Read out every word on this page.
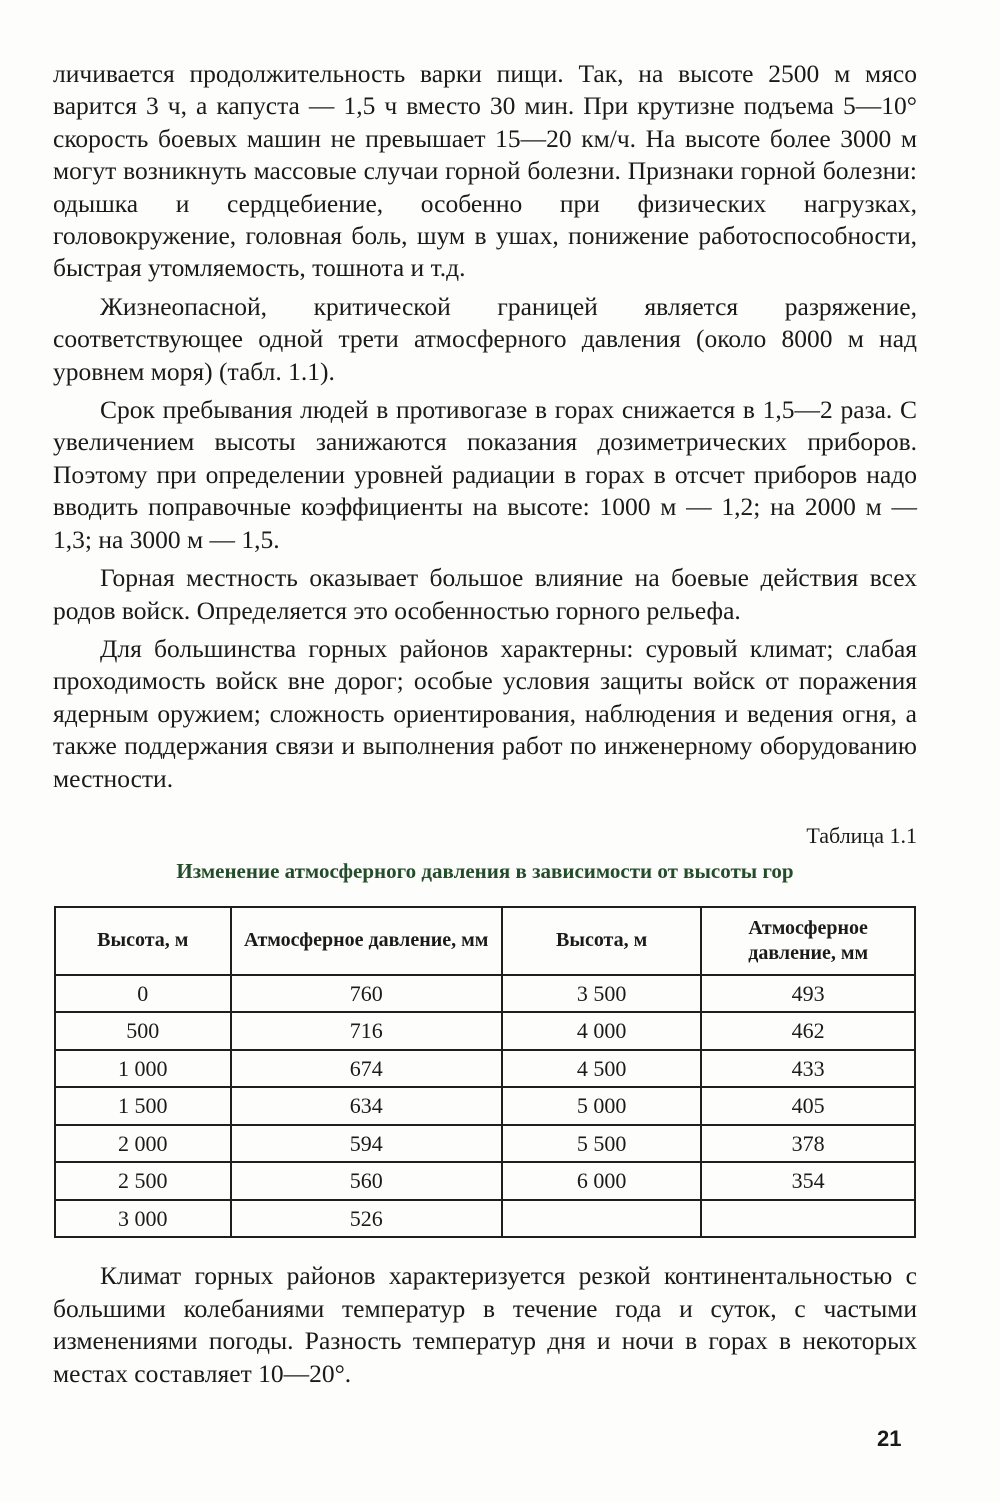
личивается продолжительность варки пищи. Так, на высоте 2500 м мясо варится 3 ч, а капуста — 1,5 ч вместо 30 мин. При крутизне подъема 5—10° скорость боевых машин не превышает 15—20 км/ч. На высоте более 3000 м могут возникнуть массовые случаи горной болезни. Признаки горной болезни: одышка и сердцебиение, особенно при физических нагрузках, головокружение, головная боль, шум в ушах, понижение работоспособности, быстрая утомляемость, тошнота и т.д.

Жизнеопасной, критической границей является разряжение, соответствующее одной трети атмосферного давления (около 8000 м над уровнем моря) (табл. 1.1).

Срок пребывания людей в противогазе в горах снижается в 1,5—2 раза. С увеличением высоты занижаются показания дозиметрических приборов. Поэтому при определении уровней радиации в горах в отсчет приборов надо вводить поправочные коэффициенты на высоте: 1000 м — 1,2; на 2000 м — 1,3; на 3000 м — 1,5.

Горная местность оказывает большое влияние на боевые действия всех родов войск. Определяется это особенностью горного рельефа.

Для большинства горных районов характерны: суровый климат; слабая проходимость войск вне дорог; особые условия защиты войск от поражения ядерным оружием; сложность ориентирования, наблюдения и ведения огня, а также поддержания связи и выполнения работ по инженерному оборудованию местности.

Таблица 1.1
Изменение атмосферного давления в зависимости от высоты гор
Высота, м	Атмосферное давление, мм	Высота, м	Атмосферное давление, мм
0	760	3 500	493
500	716	4 000	462
1 000	674	4 500	433
1 500	634	5 000	405
2 000	594	5 500	378
2 500	560	6 000	354
3 000	526		

Климат горных районов характеризуется резкой континентальностью с большими колебаниями температур в течение года и суток, с частыми изменениями погоды. Разность температур дня и ночи в горах в некоторых местах составляет 10—20°.

21
